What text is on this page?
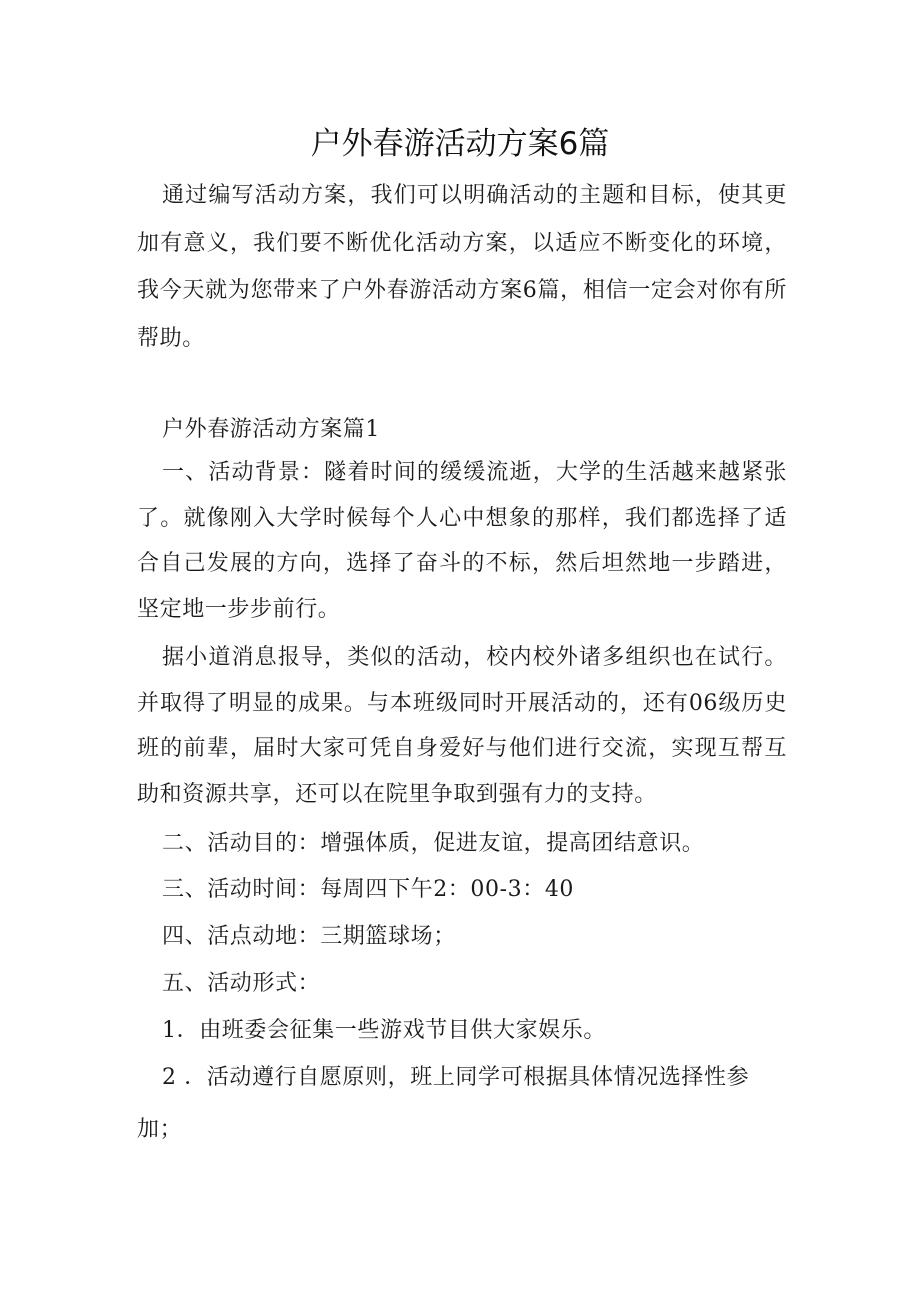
户外春游活动方案6篇

通过编写活动方案，我们可以明确活动的主题和目标，使其更加有意义，我们要不断优化活动方案，以适应不断变化的环境，我今天就为您带来了户外春游活动方案6篇，相信一定会对你有所帮助。

户外春游活动方案篇1

一、活动背景：隧着时间的缓缓流逝，大学的生活越来越紧张了。就像刚入大学时候每个人心中想象的那样，我们都选择了适合自己发展的方向，选择了奋斗的不标，然后坦然地一步踏进，坚定地一步步前行。

据小道消息报导，类似的活动，校内校外诸多组织也在试行。并取得了明显的成果。与本班级同时开展活动的，还有06级历史班的前辈，届时大家可凭自身爱好与他们进行交流，实现互帮互助和资源共享，还可以在院里争取到强有力的支持。

二、活动目的：增强体质，促进友谊，提高团结意识。

三、活动时间：每周四下午2：00-3：40

四、活点动地：三期篮球场；

五、活动形式：

1．由班委会征集一些游戏节目供大家娱乐。

2 ．活动遵行自愿原则，班上同学可根据具体情况选择性参

加；
